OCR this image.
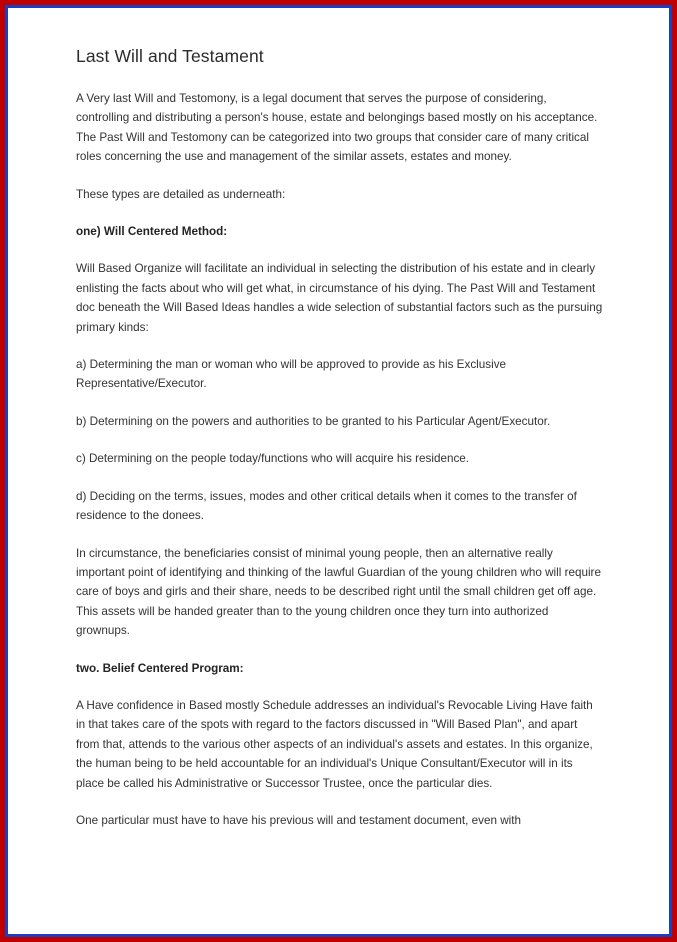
Last Will and Testament

A Very last Will and Testomony, is a legal document that serves the purpose of considering, controlling and distributing a person's house, estate and belongings based mostly on his acceptance. The Past Will and Testomony can be categorized into two groups that consider care of many critical roles concerning the use and management of the similar assets, estates and money.

These types are detailed as underneath:

one) Will Centered Method:

Will Based Organize will facilitate an individual in selecting the distribution of his estate and in clearly enlisting the facts about who will get what, in circumstance of his dying. The Past Will and Testament doc beneath the Will Based Ideas handles a wide selection of substantial factors such as the pursuing primary kinds:

a) Determining the man or woman who will be approved to provide as his Exclusive Representative/Executor.

b) Determining on the powers and authorities to be granted to his Particular Agent/Executor.

c) Determining on the people today/functions who will acquire his residence.

d) Deciding on the terms, issues, modes and other critical details when it comes to the transfer of residence to the donees.

In circumstance, the beneficiaries consist of minimal young people, then an alternative really important point of identifying and thinking of the lawful Guardian of the young children who will require care of boys and girls and their share, needs to be described right until the small children get off age. This assets will be handed greater than to the young children once they turn into authorized grownups.

two. Belief Centered Program:

A Have confidence in Based mostly Schedule addresses an individual's Revocable Living Have faith in that takes care of the spots with regard to the factors discussed in "Will Based Plan", and apart from that, attends to the various other aspects of an individual's assets and estates. In this organize, the human being to be held accountable for an individual's Unique Consultant/Executor will in its place be called his Administrative or Successor Trustee, once the particular dies.

One particular must have to have his previous will and testament document, even with
